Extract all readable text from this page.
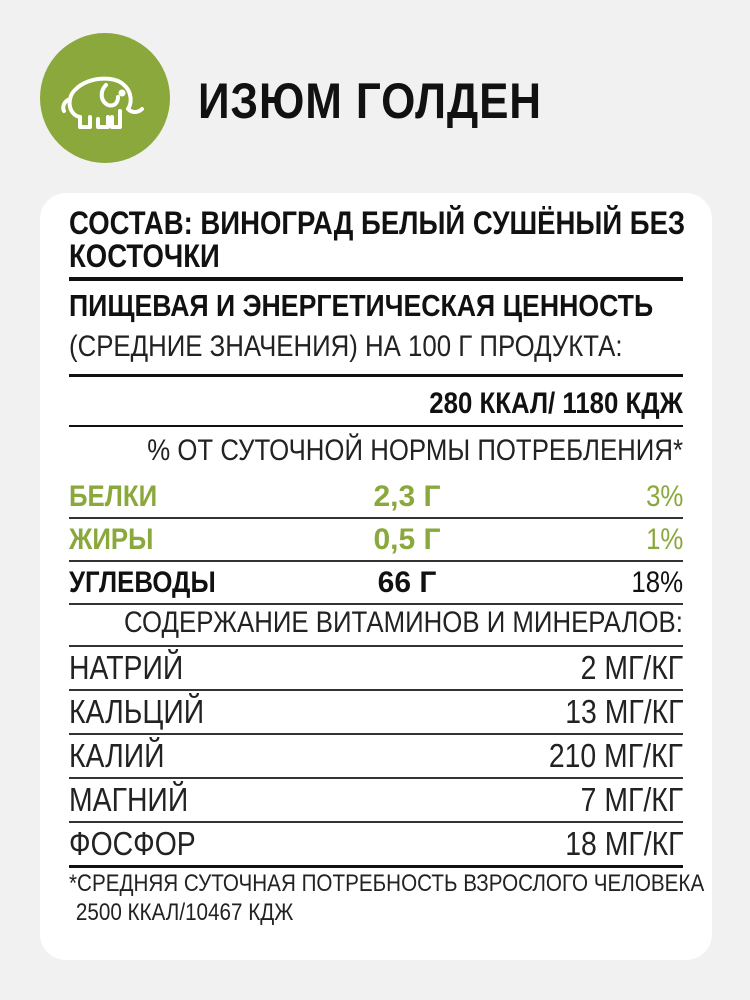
ИЗЮМ ГОЛДЕН
СОСТАВ: ВИНОГРАД БЕЛЫЙ СУШЁНЫЙ БЕЗ
КОСТОЧКИ
ПИЩЕВАЯ И ЭНЕРГЕТИЧЕСКАЯ ЦЕННОСТЬ
(СРЕДНИЕ ЗНАЧЕНИЯ) НА 100 Г ПРОДУКТА:
280 ККАЛ/ 1180 КДЖ
% ОТ СУТОЧНОЙ НОРМЫ ПОТРЕБЛЕНИЯ*
БЕЛКИ	2,3 Г	3%
ЖИРЫ	0,5 Г	1%
УГЛЕВОДЫ	66 Г	18%
СОДЕРЖАНИЕ ВИТАМИНОВ И МИНЕРАЛОВ:
НАТРИЙ	2 МГ/КГ
КАЛЬЦИЙ	13 МГ/КГ
КАЛИЙ	210 МГ/КГ
МАГНИЙ	7 МГ/КГ
ФОСФОР	18 МГ/КГ
*СРЕДНЯЯ СУТОЧНАЯ ПОТРЕБНОСТЬ ВЗРОСЛОГО ЧЕЛОВЕКА
2500 ККАЛ/10467 КДЖ
